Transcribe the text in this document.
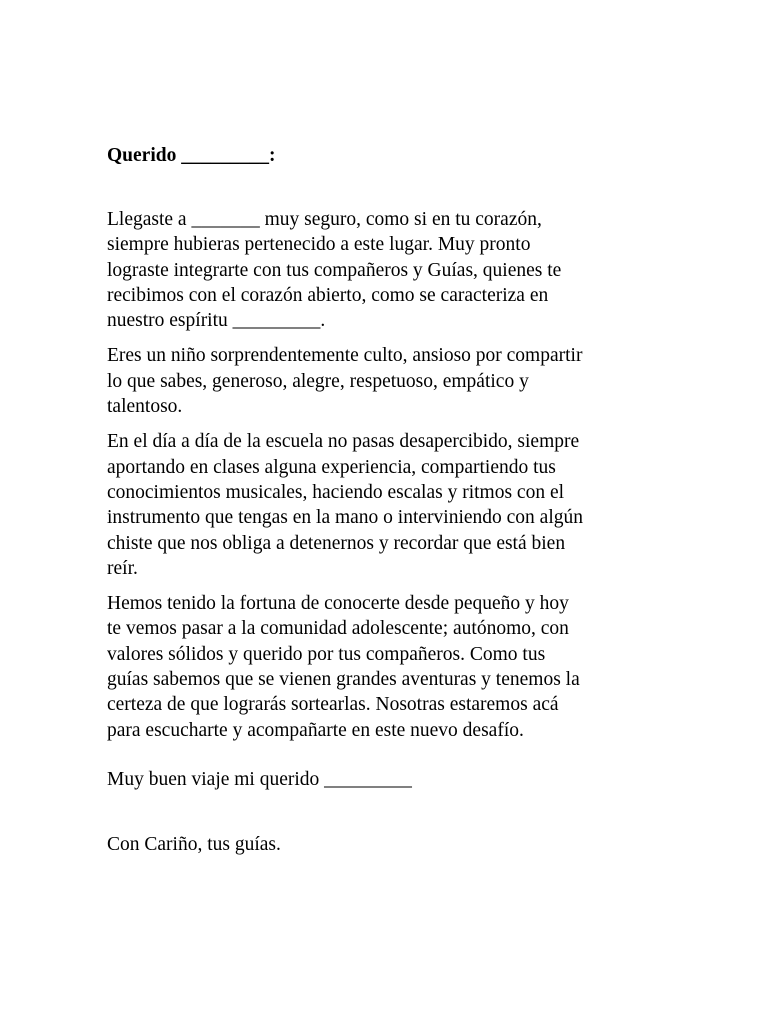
Querido _________:

Llegaste a _______ muy seguro, como si en tu corazón,
siempre hubieras pertenecido a este lugar. Muy pronto
lograste integrarte con tus compañeros y Guías, quienes te
recibimos con el corazón abierto, como se caracteriza en
nuestro espíritu _________.

Eres un niño sorprendentemente culto, ansioso por compartir
lo que sabes, generoso, alegre, respetuoso, empático y
talentoso.

En el día a día de la escuela no pasas desapercibido, siempre
aportando en clases alguna experiencia, compartiendo tus
conocimientos musicales, haciendo escalas y ritmos con el
instrumento que tengas en la mano o interviniendo con algún
chiste que nos obliga a detenernos y recordar que está bien
reír.

Hemos tenido la fortuna de conocerte desde pequeño y hoy
te vemos pasar a la comunidad adolescente; autónomo, con
valores sólidos y querido por tus compañeros. Como tus
guías sabemos que se vienen grandes aventuras y tenemos la
certeza de que lograrás sortearlas. Nosotras estaremos acá
para escucharte y acompañarte en este nuevo desafío.

Muy buen viaje mi querido _________

Con Cariño, tus guías.
